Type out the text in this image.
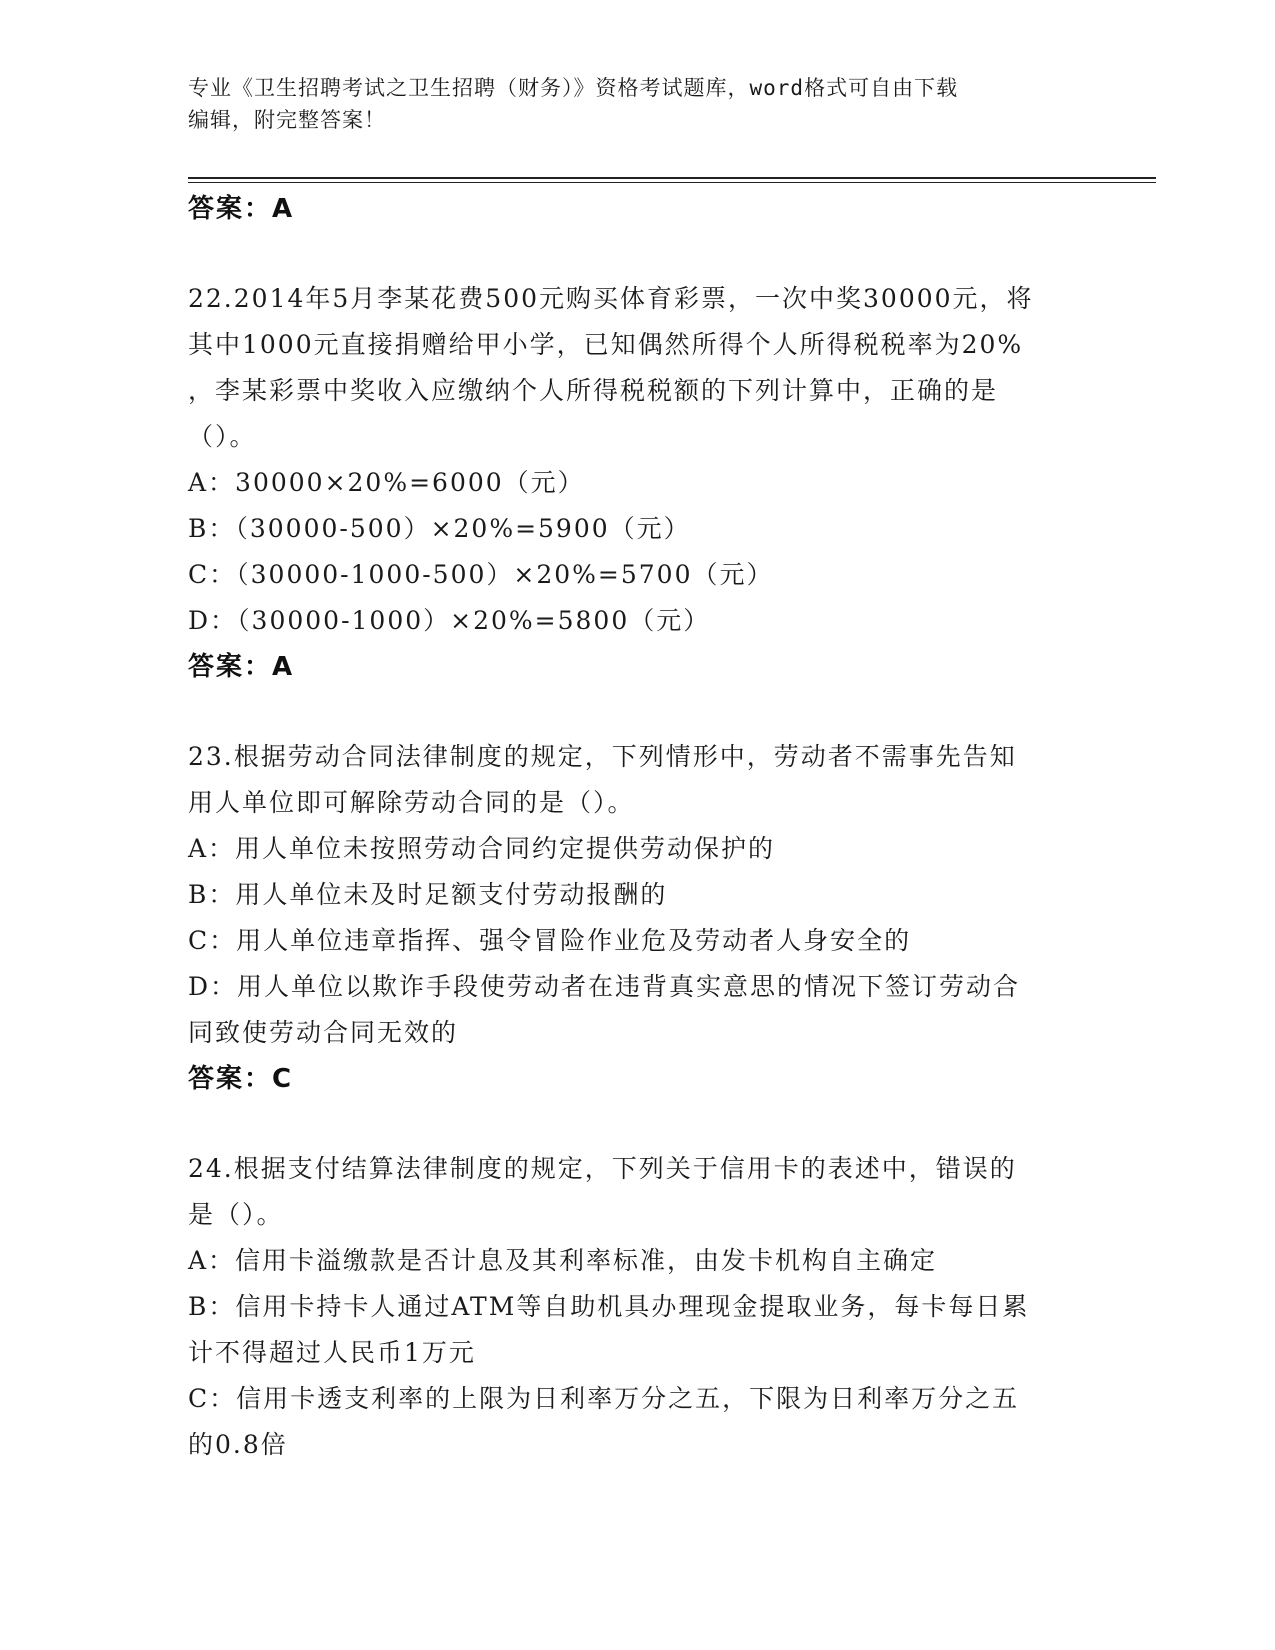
专业《卫生招聘考试之卫生招聘（财务）》资格考试题库，word格式可自由下载
编辑，附完整答案！
答案：A
22.2014年5月李某花费500元购买体育彩票，一次中奖30000元，将
其中1000元直接捐赠给甲小学，已知偶然所得个人所得税税率为20%
，李某彩票中奖收入应缴纳个人所得税税额的下列计算中，正确的是
（）。
A：30000×20%=6000（元）
B：（30000-500）×20%=5900（元）
C：（30000-1000-500）×20%=5700（元）
D：（30000-1000）×20%=5800（元）
答案：A
23.根据劳动合同法律制度的规定，下列情形中，劳动者不需事先告知
用人单位即可解除劳动合同的是（）。
A：用人单位未按照劳动合同约定提供劳动保护的
B：用人单位未及时足额支付劳动报酬的
C：用人单位违章指挥、强令冒险作业危及劳动者人身安全的
D：用人单位以欺诈手段使劳动者在违背真实意思的情况下签订劳动合
同致使劳动合同无效的
答案：C
24.根据支付结算法律制度的规定，下列关于信用卡的表述中，错误的
是（）。
A：信用卡溢缴款是否计息及其利率标准，由发卡机构自主确定
B：信用卡持卡人通过ATM等自助机具办理现金提取业务，每卡每日累
计不得超过人民币1万元
C：信用卡透支利率的上限为日利率万分之五，下限为日利率万分之五
的0.8倍
